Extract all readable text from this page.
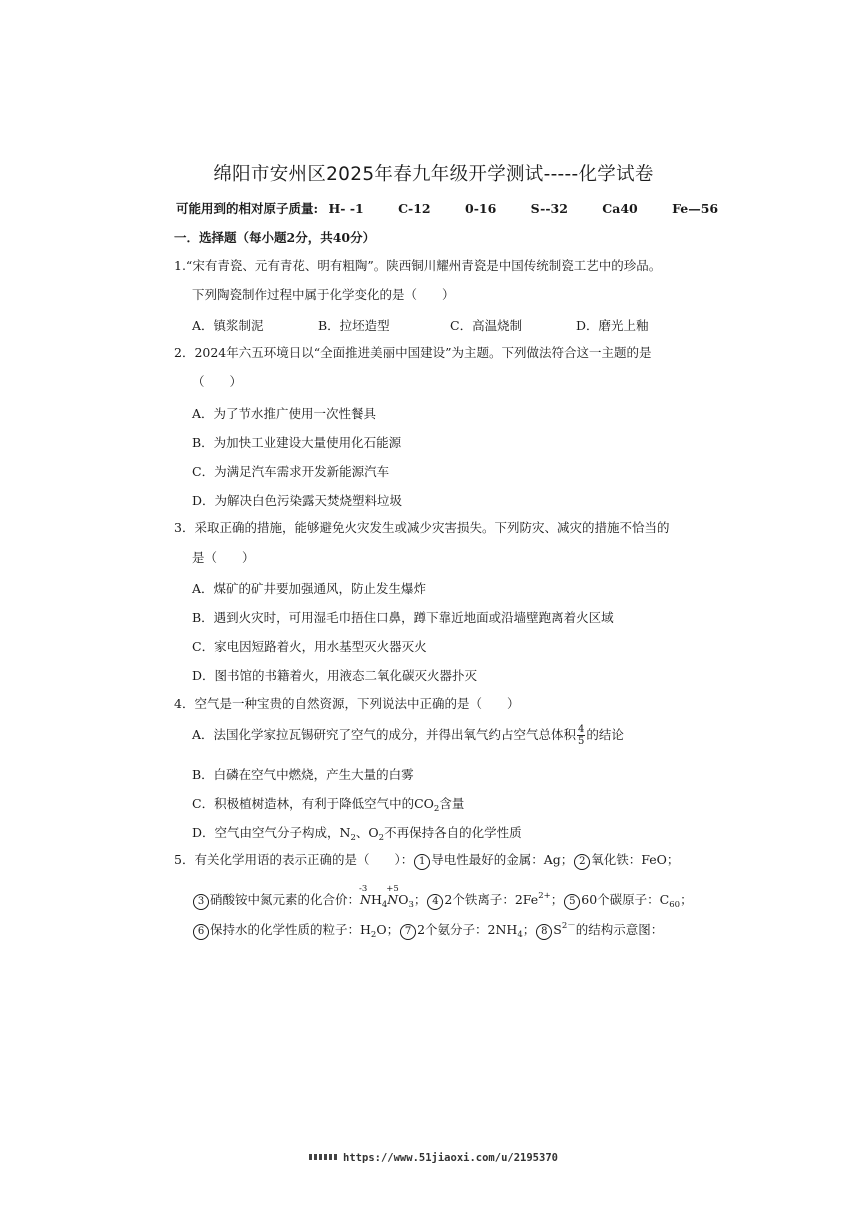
绵阳市安州区2025年春九年级开学测试-----化学试卷
可能用到的相对原子质量: H- -1	C-12	0-16	S--32	Ca40	Fe—56
一．选择题（每小题2分，共40分）
1.“宋有青瓷、元有青花、明有粗陶”。陕西铜川耀州青瓷是中国传统制瓷工艺中的珍品。
下列陶瓷制作过程中属于化学变化的是（　　）
A．镇浆制泥	B．拉坯造型	C．高温烧制	D．磨光上釉
2．2024年六五环境日以“全面推进美丽中国建设”为主题。下列做法符合这一主题的是
（　　）
A．为了节水推广使用一次性餐具
B．为加快工业建设大量使用化石能源
C．为满足汽车需求开发新能源汽车
D．为解决白色污染露天焚烧塑料垃圾
3．采取正确的措施，能够避免火灾发生或减少灾害损失。下列防灾、减灾的措施不恰当的
是（　　）
A．煤矿的矿井要加强通风，防止发生爆炸
B．遇到火灾时，可用湿毛巾捂住口鼻，蹲下靠近地面或沿墙壁跑离着火区域
C．家电因短路着火，用水基型灭火器灭火
D．图书馆的书籍着火，用液态二氧化碳灭火器扑灭
4．空气是一种宝贵的自然资源，下列说法中正确的是（　　）
A．法国化学家拉瓦锡研究了空气的成分，并得出氧气约占空气总体积 $\frac{4}{5}$ 的结论
B．白磷在空气中燃烧，产生大量的白雾
C．积极植树造林，有利于降低空气中的$CO_2$含量
D．空气由空气分子构成，$N_2$、$O_2$不再保持各自的化学性质
5．有关化学用语的表示正确的是（　　）： 1 导电性最好的金属：Ag； 2 氧化铁：FeO；
3 硝酸铵中氮元素的化合价：
-3
$NH_4$
+5
$NO_3$； 4 2个铁离子：$2Fe^{2+}$； 5 60个碳原子：$C_{60}$；
6 保持水的化学性质的粒子：$H_2O$； 7 2个氨分子：$2NH_4$； 8 $S^{2-}$的结构示意图：
https://www.51jiaoxi.com/u/2195370
